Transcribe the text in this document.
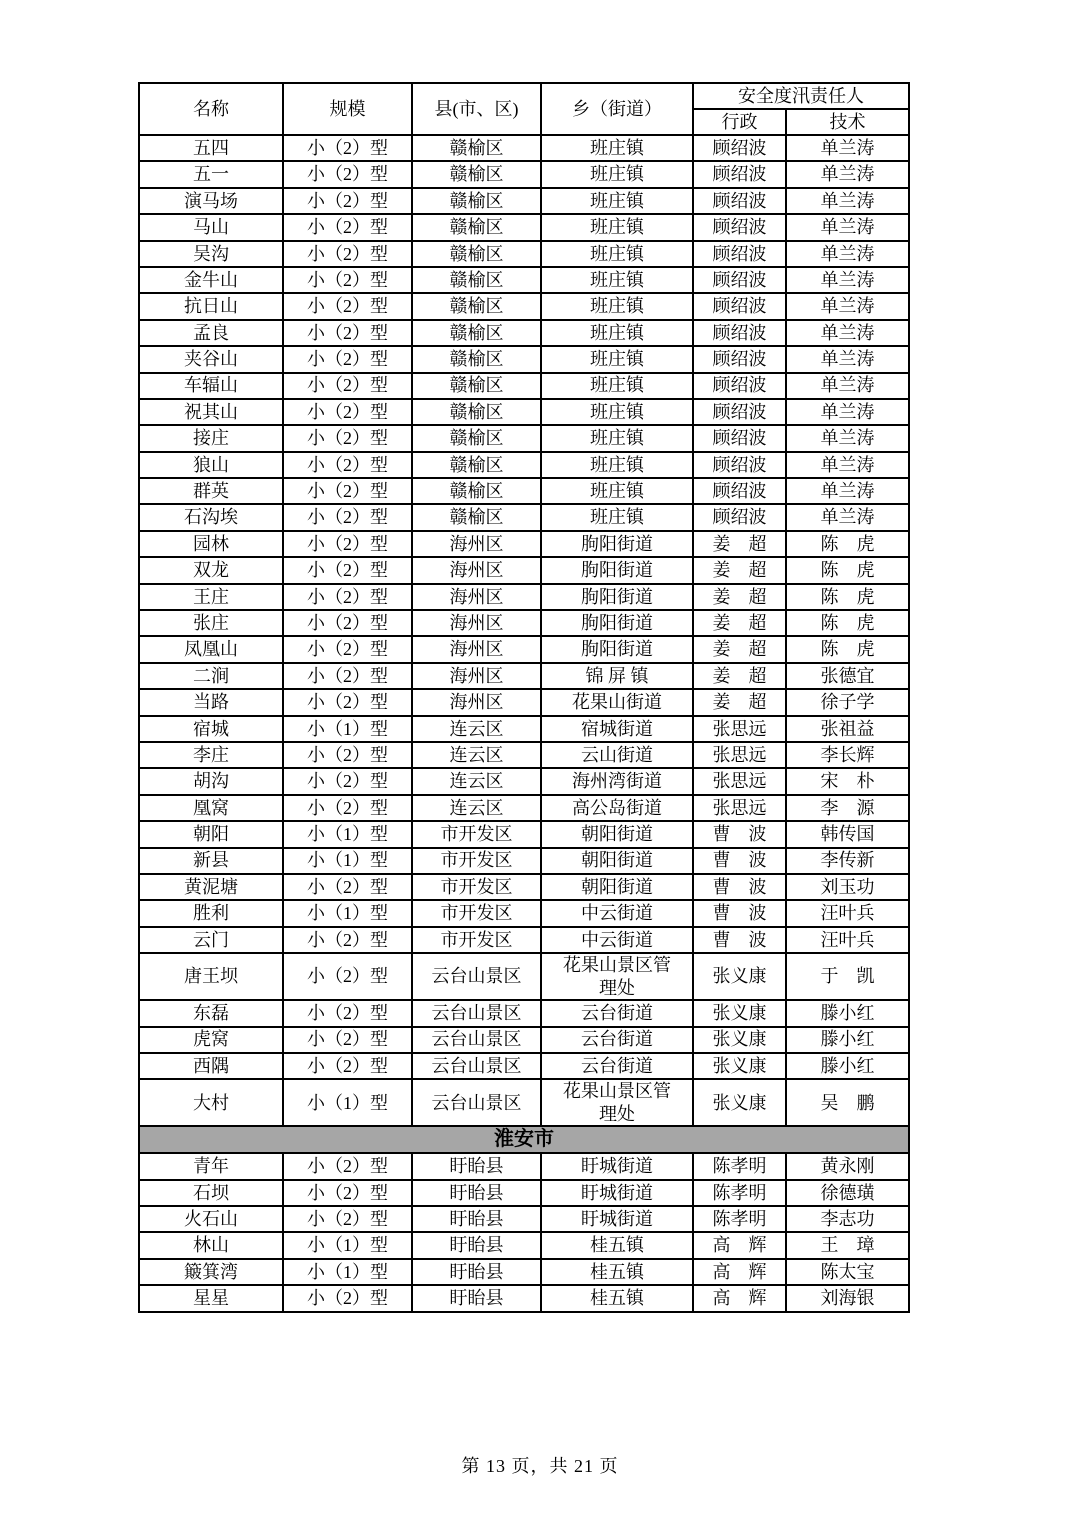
名称	规模	县(市、区)	乡（街道）	安全度汛责任人	
				行政	技术
五四	小（2）型	赣榆区	班庄镇	顾绍波	单兰涛
五一	小（2）型	赣榆区	班庄镇	顾绍波	单兰涛
演马场	小（2）型	赣榆区	班庄镇	顾绍波	单兰涛
马山	小（2）型	赣榆区	班庄镇	顾绍波	单兰涛
吴沟	小（2）型	赣榆区	班庄镇	顾绍波	单兰涛
金牛山	小（2）型	赣榆区	班庄镇	顾绍波	单兰涛
抗日山	小（2）型	赣榆区	班庄镇	顾绍波	单兰涛
孟良	小（2）型	赣榆区	班庄镇	顾绍波	单兰涛
夹谷山	小（2）型	赣榆区	班庄镇	顾绍波	单兰涛
车辐山	小（2）型	赣榆区	班庄镇	顾绍波	单兰涛
祝其山	小（2）型	赣榆区	班庄镇	顾绍波	单兰涛
接庄	小（2）型	赣榆区	班庄镇	顾绍波	单兰涛
狼山	小（2）型	赣榆区	班庄镇	顾绍波	单兰涛
群英	小（2）型	赣榆区	班庄镇	顾绍波	单兰涛
石沟埃	小（2）型	赣榆区	班庄镇	顾绍波	单兰涛
园林	小（2）型	海州区	朐阳街道	姜　超	陈　虎
双龙	小（2）型	海州区	朐阳街道	姜　超	陈　虎
王庄	小（2）型	海州区	朐阳街道	姜　超	陈　虎
张庄	小（2）型	海州区	朐阳街道	姜　超	陈　虎
凤凰山	小（2）型	海州区	朐阳街道	姜　超	陈　虎
二涧	小（2）型	海州区	锦 屏 镇	姜　超	张德宜
当路	小（2）型	海州区	花果山街道	姜　超	徐子学
宿城	小（1）型	连云区	宿城街道	张思远	张祖益
李庄	小（2）型	连云区	云山街道	张思远	李长辉
胡沟	小（2）型	连云区	海州湾街道	张思远	宋　朴
凰窝	小（2）型	连云区	高公岛街道	张思远	李　源
朝阳	小（1）型	市开发区	朝阳街道	曹　波	韩传国
新县	小（1）型	市开发区	朝阳街道	曹　波	李传新
黄泥塘	小（2）型	市开发区	朝阳街道	曹　波	刘玉功
胜利	小（1）型	市开发区	中云街道	曹　波	汪叶兵
云门	小（2）型	市开发区	中云街道	曹　波	汪叶兵
唐王坝	小（2）型	云台山景区	花果山景区管理处	张义康	于　凯
东磊	小（2）型	云台山景区	云台街道	张义康	滕小红
虎窝	小（2）型	云台山景区	云台街道	张义康	滕小红
西隅	小（2）型	云台山景区	云台街道	张义康	滕小红
大村	小（1）型	云台山景区	花果山景区管理处	张义康	吴　鹏
淮安市					
青年	小（2）型	盱眙县	盱城街道	陈孝明	黄永刚
石坝	小（2）型	盱眙县	盱城街道	陈孝明	徐德璜
火石山	小（2）型	盱眙县	盱城街道	陈孝明	李志功
林山	小（1）型	盱眙县	桂五镇	高　辉	王　璋
簸箕湾	小（1）型	盱眙县	桂五镇	高　辉	陈太宝
星星	小（2）型	盱眙县	桂五镇	高　辉	刘海银
第 13 页，共 21 页
